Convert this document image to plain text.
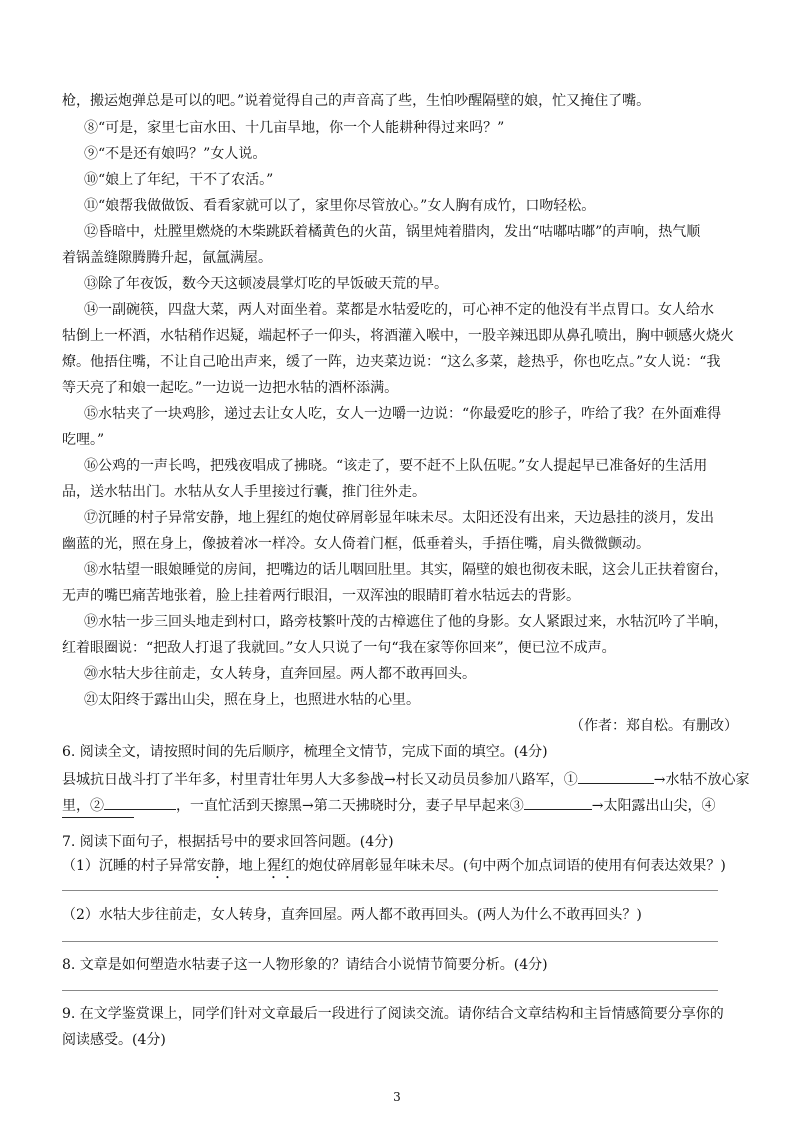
枪，搬运炮弹总是可以的吧。”说着觉得自己的声音高了些，生怕吵醒隔壁的娘，忙又掩住了嘴。
⑧“可是，家里七亩水田、十几亩旱地，你一个人能耕种得过来吗？”
⑨“不是还有娘吗？”女人说。
⑩“娘上了年纪，干不了农活。”
⑪“娘帮我做做饭、看看家就可以了，家里你尽管放心。”女人胸有成竹，口吻轻松。
⑫昏暗中，灶膛里燃烧的木柴跳跃着橘黄色的火苗，锅里炖着腊肉，发出“咕嘟咕嘟”的声响，热气顺
着锅盖缝隙腾腾升起，氤氲满屋。
⑬除了年夜饭，数今天这顿凌晨掌灯吃的早饭破天荒的早。
⑭一副碗筷，四盘大菜，两人对面坐着。菜都是水牯爱吃的，可心神不定的他没有半点胃口。女人给水
牯倒上一杯酒，水牯稍作迟疑，端起杯子一仰头，将酒灌入喉中，一股辛辣迅即从鼻孔喷出，胸中顿感火烧火
燎。他捂住嘴，不让自己呛出声来，缓了一阵，边夹菜边说：“这么多菜，趁热乎，你也吃点。”女人说：“我
等天亮了和娘一起吃。”一边说一边把水牯的酒杯添满。
⑮水牯夹了一块鸡胗，递过去让女人吃，女人一边嚼一边说：“你最爱吃的胗子，咋给了我？在外面难得
吃哩。”
⑯公鸡的一声长鸣，把残夜唱成了拂晓。“该走了，要不赶不上队伍呢。”女人提起早已准备好的生活用
品，送水牯出门。水牯从女人手里接过行囊，推门往外走。
⑰沉睡的村子异常安静，地上猩红的炮仗碎屑彰显年味未尽。太阳还没有出来，天边悬挂的淡月，发出
幽蓝的光，照在身上，像披着冰一样冷。女人倚着门框，低垂着头，手捂住嘴，肩头微微颤动。
⑱水牯望一眼娘睡觉的房间，把嘴边的话儿咽回肚里。其实，隔壁的娘也彻夜未眠，这会儿正扶着窗台，
无声的嘴巴痛苦地张着，脸上挂着两行眼泪，一双浑浊的眼睛盯着水牯远去的背影。
⑲水牯一步三回头地走到村口，路旁枝繁叶茂的古樟遮住了他的身影。女人紧跟过来，水牯沉吟了半晌，
红着眼圈说：“把敌人打退了我就回。”女人只说了一句“我在家等你回来”，便已泣不成声。
⑳水牯大步往前走，女人转身，直奔回屋。两人都不敢再回头。
㉑太阳终于露出山尖，照在身上，也照进水牯的心里。
（作者：郑自松。有删改）
6. 阅读全文，请按照时间的先后顺序，梳理全文情节，完成下面的填空。(4分)
县城抗日战斗打了半年多，村里青壮年男人大多参战→村长又动员员参加八路军，①	→水牯不放心家
里，②	，一直忙活到天擦黑→第二天拂晓时分，妻子早早起来③	→太阳露出山尖，④
7. 阅读下面句子，根据括号中的要求回答问题。(4分)
（1）沉睡的村子异常安静，地上猩红的炮仗碎屑彰显年味未尽。(句中两个加点词语的使用有何表达效果？)
（2）水牯大步往前走，女人转身，直奔回屋。两人都不敢再回头。(两人为什么不敢再回头？)
8. 文章是如何塑造水牯妻子这一人物形象的？请结合小说情节简要分析。(4分)
9. 在文学鉴赏课上，同学们针对文章最后一段进行了阅读交流。请你结合文章结构和主旨情感简要分享你的
阅读感受。(4分)
3
